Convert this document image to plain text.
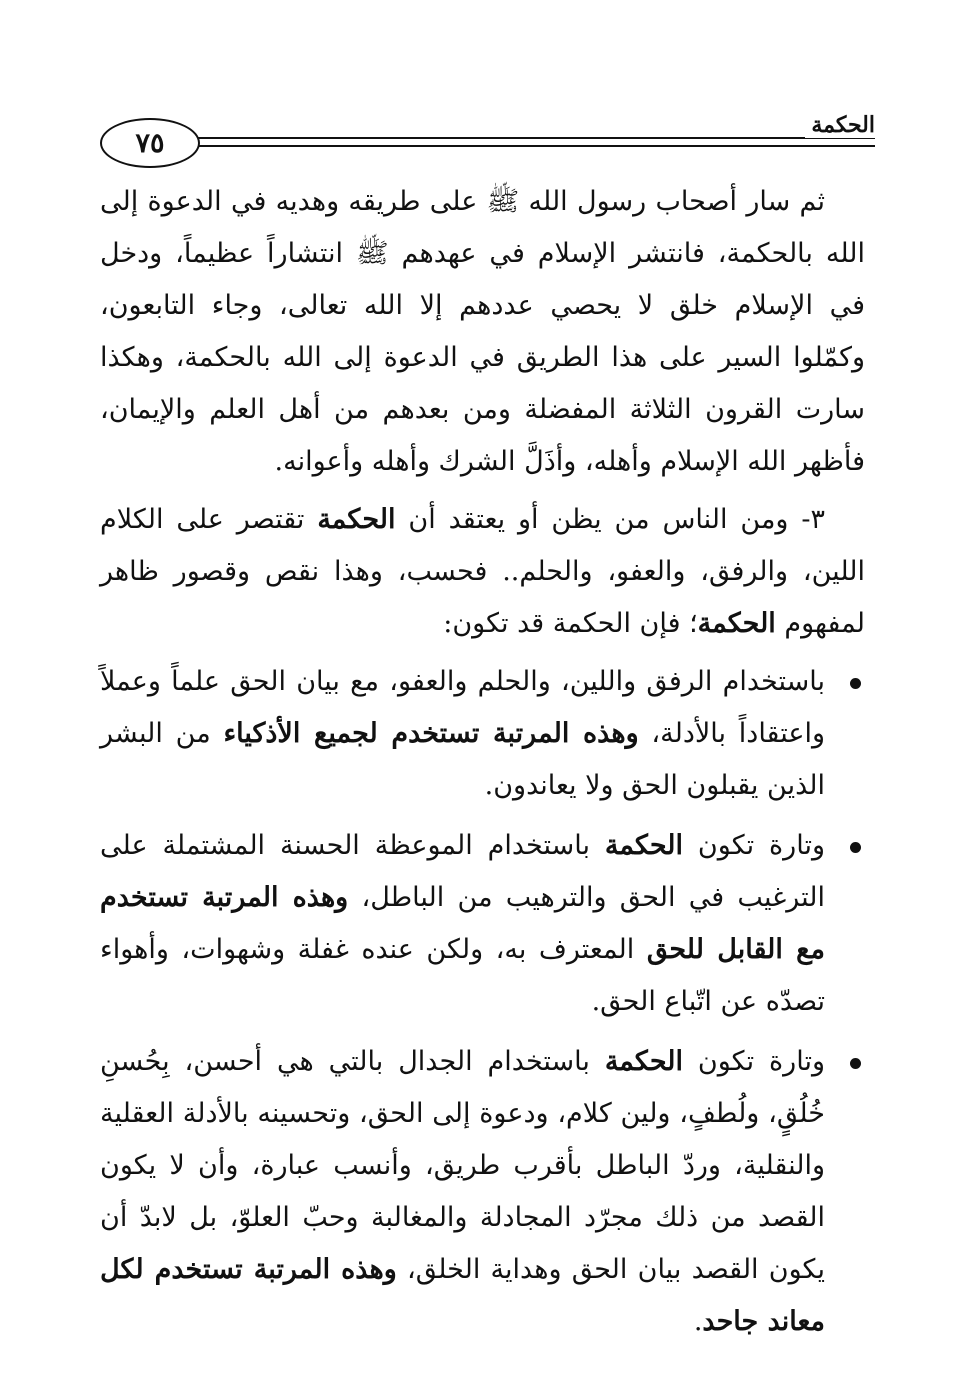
٧٥
الحكمة

ثم سار أصحاب رسول الله ﷺ على طريقه وهديه في الدعوة إلى الله بالحكمة، فانتشر الإسلام في عهدهم ﷺ انتشاراً عظيماً، ودخل في الإسلام خلق لا يحصي عددهم إلا الله تعالى، وجاء التابعون، وكمّلوا السير على هذا الطريق في الدعوة إلى الله بالحكمة، وهكذا سارت القرون الثلاثة المفضلة ومن بعدهم من أهل العلم والإيمان، فأظهر الله الإسلام وأهله، وأذَلَّ الشرك وأهله وأعوانه.

٣- ومن الناس من يظن أو يعتقد أن الحكمة تقتصر على الكلام اللين، والرفق، والعفو، والحلم.. فحسب، وهذا نقص وقصور ظاهر لمفهوم الحكمة؛ فإن الحكمة قد تكون:

باستخدام الرفق واللين، والحلم والعفو، مع بيان الحق علماً وعملاً واعتقاداً بالأدلة، وهذه المرتبة تستخدم لجميع الأذكياء من البشر الذين يقبلون الحق ولا يعاندون.
وتارة تكون الحكمة باستخدام الموعظة الحسنة المشتملة على الترغيب في الحق والترهيب من الباطل، وهذه المرتبة تستخدم مع القابل للحق المعترف به، ولكن عنده غفلة وشهوات، وأهواء تصدّه عن اتّباع الحق.
وتارة تكون الحكمة باستخدام الجدال بالتي هي أحسن، بِحُسنِ خُلُقٍ، ولُطفٍ، ولين كلام، ودعوة إلى الحق، وتحسينه بالأدلة العقلية والنقلية، وردّ الباطل بأقرب طريق، وأنسب عبارة، وأن لا يكون القصد من ذلك مجرّد المجادلة والمغالبة وحبّ العلوّ، بل لابدّ أن يكون القصد بيان الحق وهداية الخلق، وهذه المرتبة تستخدم لكل معاند جاحد.
